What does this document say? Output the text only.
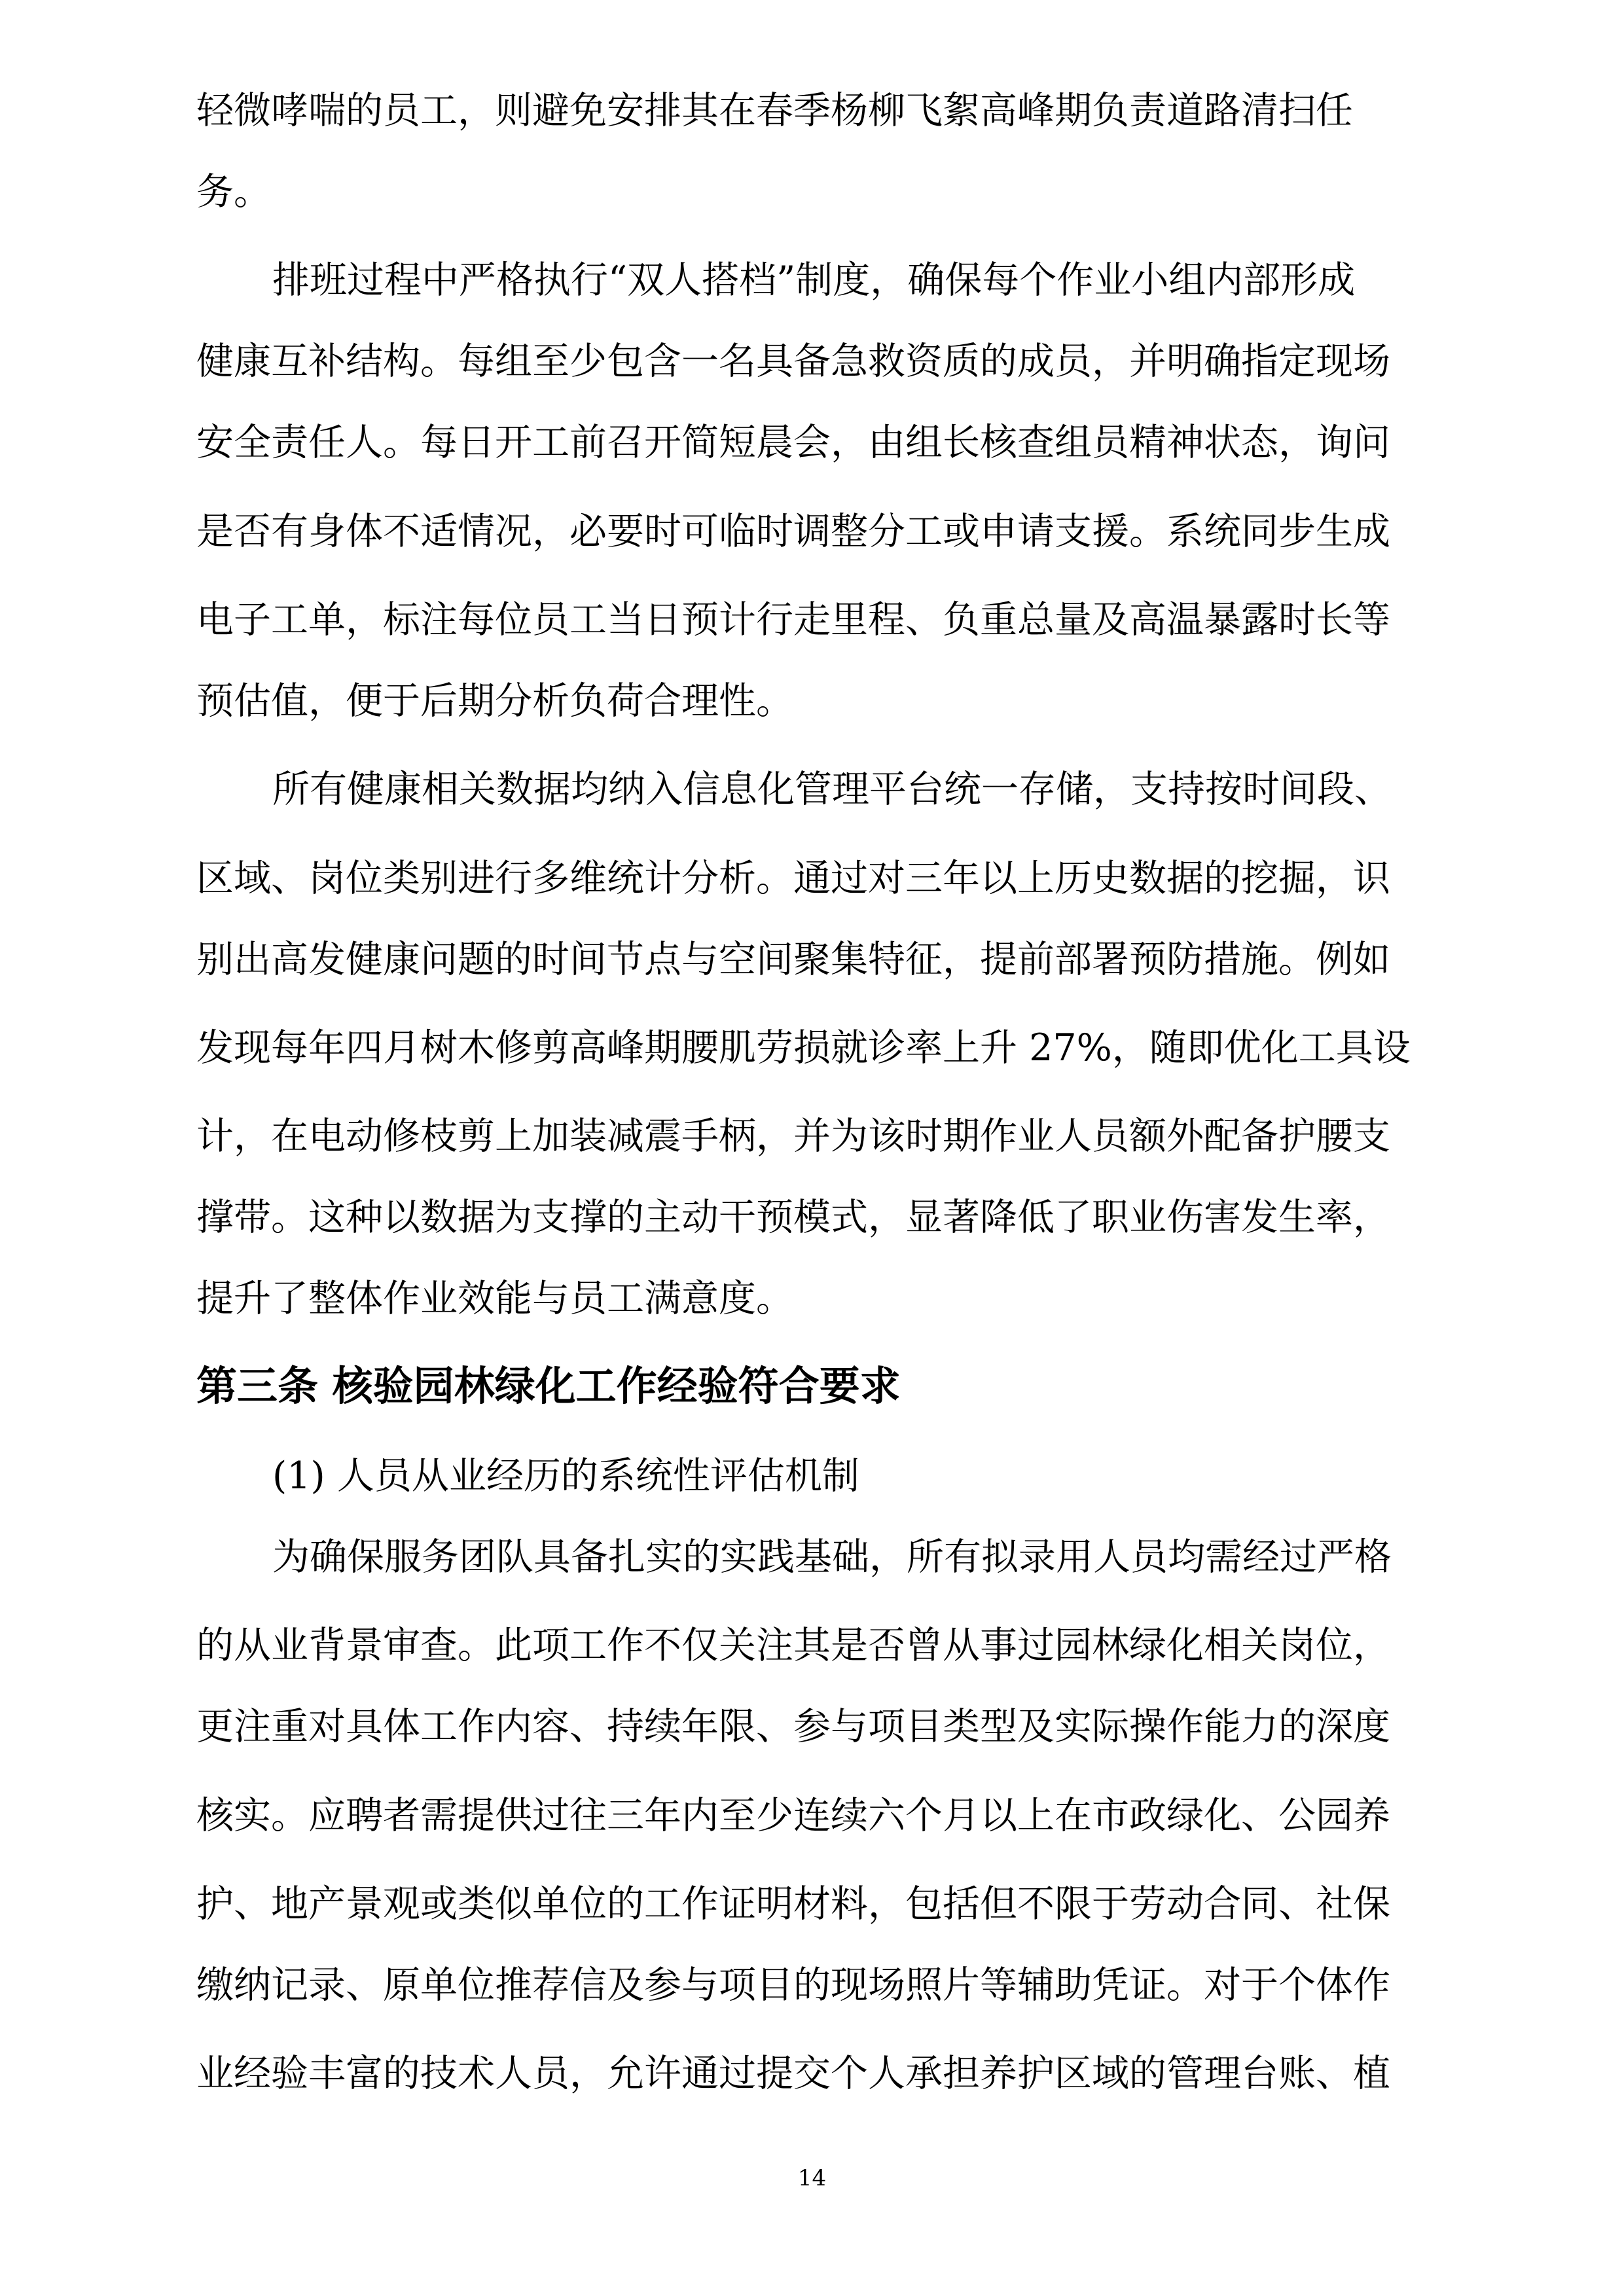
轻微哮喘的员工，则避免安排其在春季杨柳飞絮高峰期负责道路清扫任
务。
排班过程中严格执行“双人搭档”制度，确保每个作业小组内部形成
健康互补结构。每组至少包含一名具备急救资质的成员，并明确指定现场
安全责任人。每日开工前召开简短晨会，由组长核查组员精神状态，询问
是否有身体不适情况，必要时可临时调整分工或申请支援。系统同步生成
电子工单，标注每位员工当日预计行走里程、负重总量及高温暴露时长等
预估值，便于后期分析负荷合理性。
所有健康相关数据均纳入信息化管理平台统一存储，支持按时间段、
区域、岗位类别进行多维统计分析。通过对三年以上历史数据的挖掘，识
别出高发健康问题的时间节点与空间聚集特征，提前部署预防措施。例如
发现每年四月树木修剪高峰期腰肌劳损就诊率上升 27%，随即优化工具设
计，在电动修枝剪上加装减震手柄，并为该时期作业人员额外配备护腰支
撑带。这种以数据为支撑的主动干预模式，显著降低了职业伤害发生率，
提升了整体作业效能与员工满意度。
第三条 核验园林绿化工作经验符合要求
(1) 人员从业经历的系统性评估机制
为确保服务团队具备扎实的实践基础，所有拟录用人员均需经过严格
的从业背景审查。此项工作不仅关注其是否曾从事过园林绿化相关岗位，
更注重对具体工作内容、持续年限、参与项目类型及实际操作能力的深度
核实。应聘者需提供过往三年内至少连续六个月以上在市政绿化、公园养
护、地产景观或类似单位的工作证明材料，包括但不限于劳动合同、社保
缴纳记录、原单位推荐信及参与项目的现场照片等辅助凭证。对于个体作
业经验丰富的技术人员，允许通过提交个人承担养护区域的管理台账、植
14
